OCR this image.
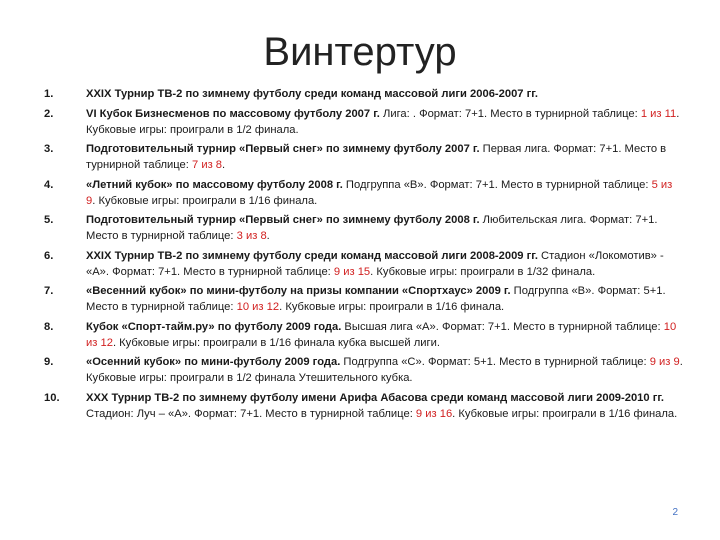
Винтертур
1.	XXIX Турнир ТВ-2 по зимнему футболу среди команд массовой лиги 2006-2007 гг.
2.	VI Кубок Бизнесменов по массовому футболу 2007 г. Лига: . Формат: 7+1. Место в турнирной таблице: 1 из 11. Кубковые игры: проиграли в 1/2 финала.
3.	Подготовительный турнир «Первый снег» по зимнему футболу 2007 г. Первая лига. Формат: 7+1. Место в турнирной таблице: 7 из 8.
4.	«Летний кубок» по массовому футболу 2008 г. Подгруппа «В». Формат: 7+1. Место в турнирной таблице: 5 из 9. Кубковые игры: проиграли в 1/16 финала.
5.	Подготовительный турнир «Первый снег» по зимнему футболу 2008 г. Любительская лига. Формат: 7+1. Место в турнирной таблице: 3 из 8.
6.	XXIX Турнир ТВ-2 по зимнему футболу среди команд массовой лиги 2008-2009 гг. Стадион «Локомотив» - «А». Формат: 7+1. Место в турнирной таблице: 9 из 15. Кубковые игры: проиграли в 1/32 финала.
7.	«Весенний кубок» по мини-футболу на призы компании «Спортхаус» 2009 г. Подгруппа «В». Формат: 5+1. Место в турнирной таблице: 10 из 12. Кубковые игры: проиграли в 1/16 финала.
8.	Кубок «Спорт-тайм.ру» по футболу 2009 года. Высшая лига «А». Формат: 7+1. Место в турнирной таблице: 10 из 12. Кубковые игры: проиграли в 1/16 финала кубка высшей лиги.
9.	«Осенний кубок» по мини-футболу 2009 года. Подгруппа «С». Формат: 5+1. Место в турнирной таблице: 9 из 9. Кубковые игры: проиграли в 1/2 финала Утешительного кубка.
10.	XXX Турнир ТВ-2 по зимнему футболу имени Арифа Абасова среди команд массовой лиги 2009-2010 гг. Стадион: Луч – «А». Формат: 7+1. Место в турнирной таблице: 9 из 16. Кубковые игры: проиграли в 1/16 финала.
2
